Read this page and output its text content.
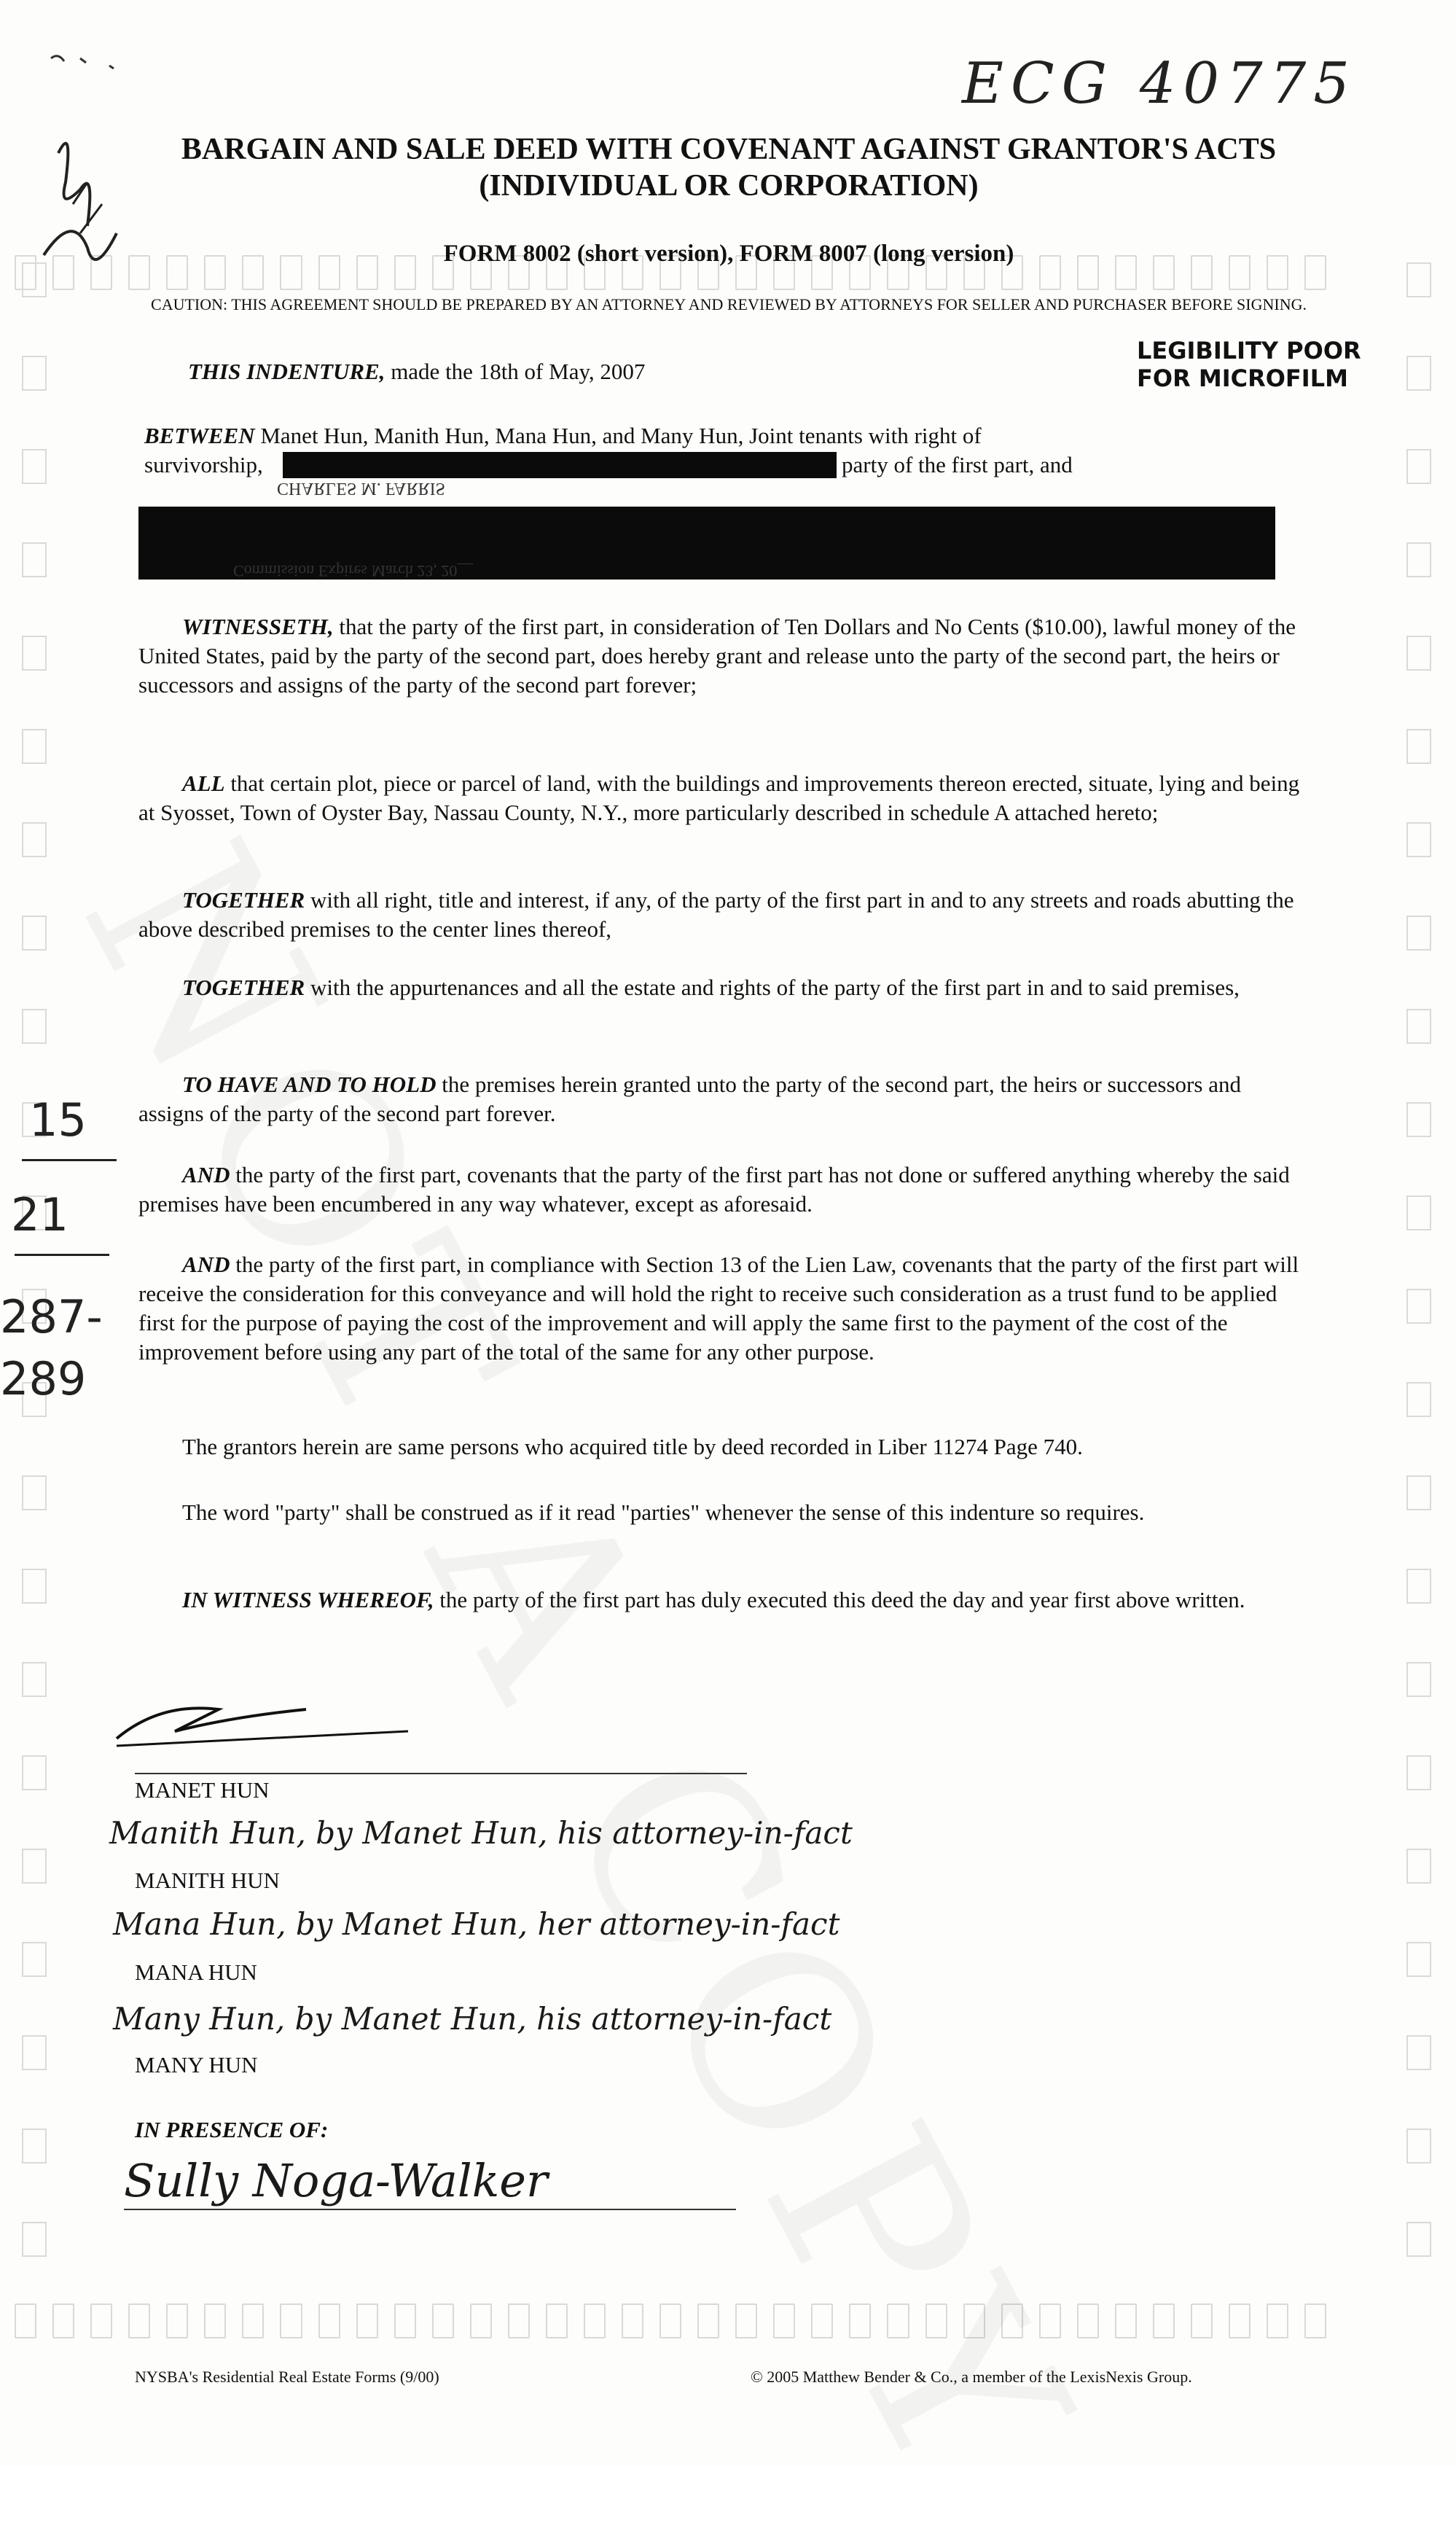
ECG 40775
BARGAIN AND SALE DEED WITH COVENANT AGAINST GRANTOR'S ACTS (INDIVIDUAL OR CORPORATION)
FORM 8002 (short version), FORM 8007 (long version)
CAUTION: THIS AGREEMENT SHOULD BE PREPARED BY AN ATTORNEY AND REVIEWED BY ATTORNEYS FOR SELLER AND PURCHASER BEFORE SIGNING.
LEGIBILITY POOR
FOR MICROFILM
THIS INDENTURE, made the 18th of May, 2007
BETWEEN Manet Hun, Manith Hun, Mana Hun, and Many Hun, Joint tenants with right of
survivorship,	party of the first part, and
CHARLES M. FARRIS
Commission Expires March 23, 20__
WITNESSETH, that the party of the first part, in consideration of Ten Dollars and No Cents ($10.00), lawful money of the United States, paid by the party of the second part, does hereby grant and release unto the party of the second part, the heirs or successors and assigns of the party of the second part forever;
ALL that certain plot, piece or parcel of land, with the buildings and improvements thereon erected, situate, lying and being at Syosset, Town of Oyster Bay, Nassau County, N.Y., more particularly described in schedule A attached hereto;
TOGETHER with all right, title and interest, if any, of the party of the first part in and to any streets and roads abutting the above described premises to the center lines thereof,
TOGETHER with the appurtenances and all the estate and rights of the party of the first part in and to said premises,
TO HAVE AND TO HOLD the premises herein granted unto the party of the second part, the heirs or successors and assigns of the party of the second part forever.
AND the party of the first part, covenants that the party of the first part has not done or suffered anything whereby the said premises have been encumbered in any way whatever, except as aforesaid.
AND the party of the first part, in compliance with Section 13 of the Lien Law, covenants that the party of the first part will receive the consideration for this conveyance and will hold the right to receive such consideration as a trust fund to be applied first for the purpose of paying the cost of the improvement and will apply the same first to the payment of the cost of the improvement before using any part of the total of the same for any other purpose.
The grantors herein are same persons who acquired title by deed recorded in Liber 11274 Page 740.
The word "party" shall be construed as if it read "parties" whenever the sense of this indenture so requires.
IN WITNESS WHEREOF, the party of the first part has duly executed this deed the day and year first above written.
15
21
287-
289
MANET HUN
Manith Hun, by Manet Hun, his attorney-in-fact
MANITH HUN
Mana Hun, by Manet Hun, her attorney-in-fact
MANA HUN
Many Hun, by Manet Hun, his attorney-in-fact
MANY HUN
IN PRESENCE OF:
Sully Noga-Walker
NYSBA's Residential Real Estate Forms (9/00)	© 2005 Matthew Bender & Co., a member of the LexisNexis Group.
